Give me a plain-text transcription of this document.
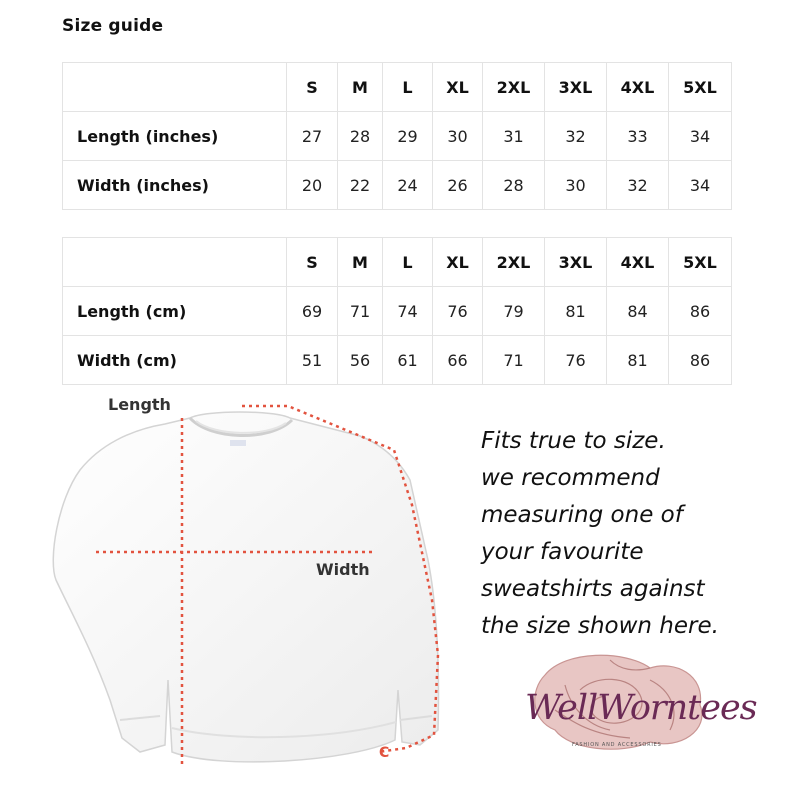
Size guide
	S	M	L	XL	2XL	3XL	4XL	5XL
Length (inches)	27	28	29	30	31	32	33	34
Width (inches)	20	22	24	26	28	30	32	34
	S	M	L	XL	2XL	3XL	4XL	5XL
Length (cm)	69	71	74	76	79	81	84	86
Width (cm)	51	56	61	66	71	76	81	86
Length
Width
C
Fits true to size.
we recommend
measuring one of
your favourite
sweatshirts against
the size shown here.
WellWorntees
FASHION AND ACCESSORIES
